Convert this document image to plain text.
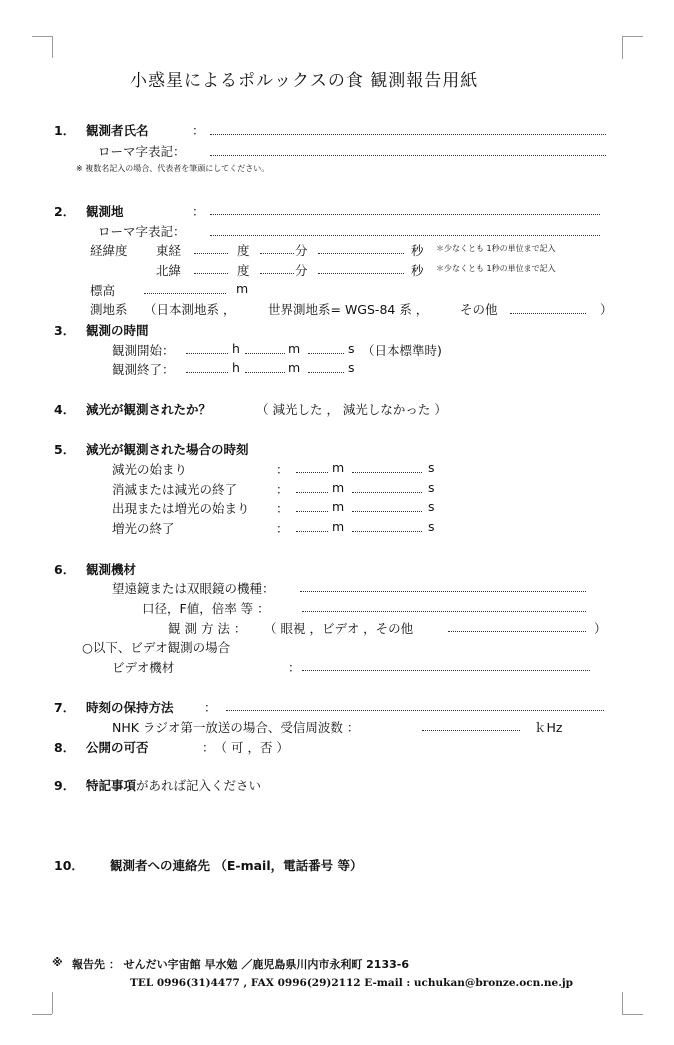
小惑星によるポルックスの食 観測報告用紙
1． 観測者氏名	：
ローマ字表記：
※ 複数名記入の場合、代表者を筆頭にしてください。
2． 観測地	：
ローマ字表記：
経緯度 東経	度	分	秒 ＊少なくとも 1秒の単位まで記入
北緯	度	分	秒 ＊少なくとも 1秒の単位まで記入
標高	m
測地系 （日本測地系 ，	世界測地系= WGS-84 系 ，	その他	）
3． 観測の時間
観測開始：	h	m	s （日本標準時)
観測終了：	h	m	s
4． 減光が観測されたか？	（ 減光した ， 減光しなかった ）
5． 減光が観測された場合の時刻
減光の始まり	：	m	s
消滅または減光の終了	：	m	s
出現または増光の始まり ：	m	s
増光の終了	：	m	s
6． 観測機材
望遠鏡または双眼鏡の機種：
口径，F値，倍率 等 ：
観 測 方 法 ： （ 眼視 ，ビデオ ，その他	）
○以下、ビデオ観測の場合
ビデオ機材	：
7． 時刻の保持方法 ：
NHK ラジオ第一放送の場合、受信周波数 ：	ｋHz
8． 公開の可否	：　（ 可 ，否 ）
9． 特記事項があれば記入ください
10． 観測者への連絡先 （E-mail，電話番号 等）
※ 報告先 ： せんだい宇宙館 早水勉 ／鹿児島県川内市永利町 2133-6
TEL 0996(31)4477 , FAX 0996(29)2112 E-mail : uchukan@bronze.ocn.ne.jp
